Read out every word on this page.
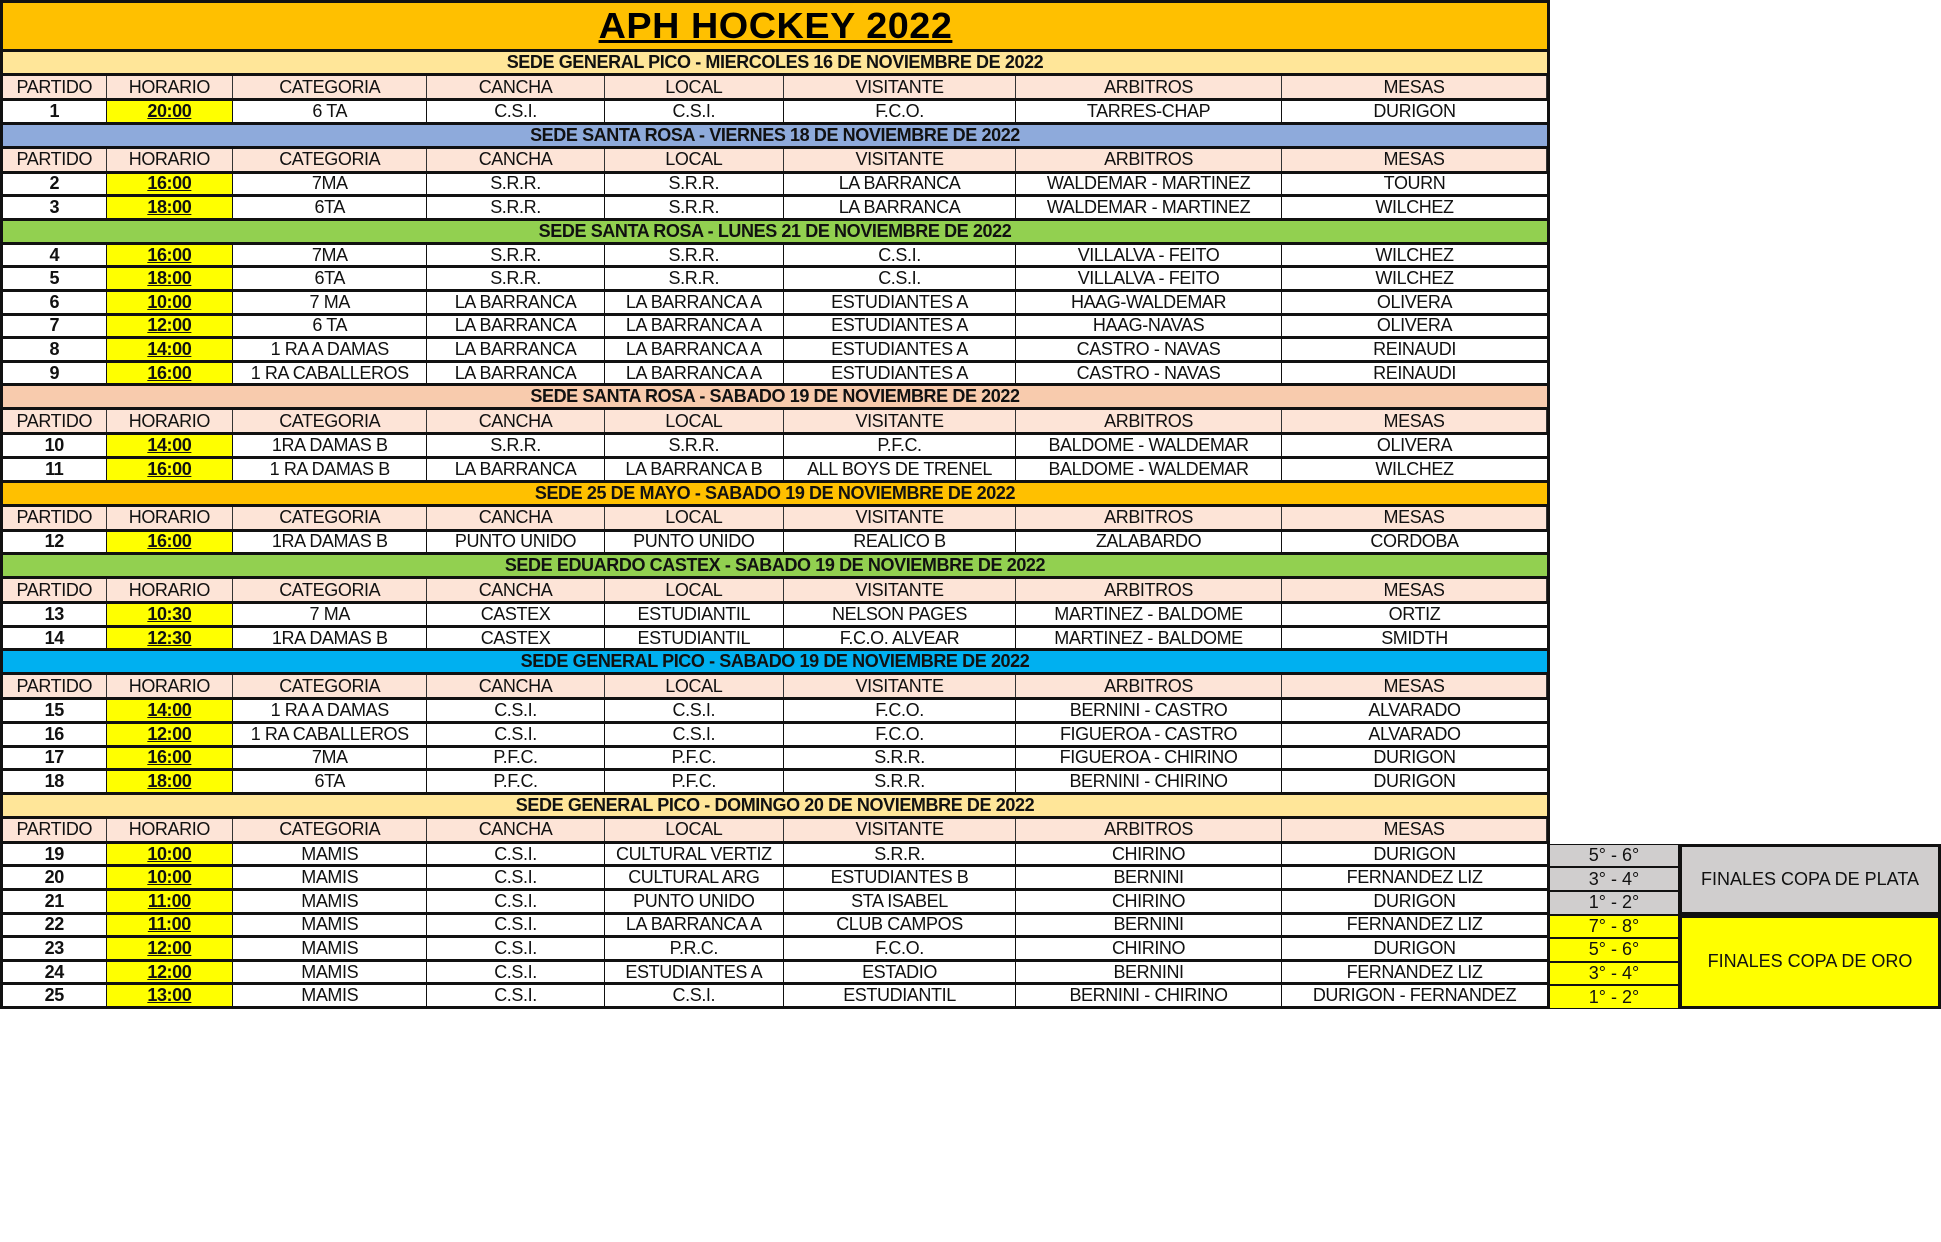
APH HOCKEY 2022
SEDE GENERAL PICO - MIERCOLES 16 DE NOVIEMBRE DE 2022
PARTIDO	HORARIO	CATEGORIA	CANCHA	LOCAL	VISITANTE	ARBITROS	MESAS
1	20:00	6 TA	C.S.I.	C.S.I.	F.C.O.	TARRES-CHAP	DURIGON
SEDE SANTA ROSA - VIERNES 18 DE NOVIEMBRE DE 2022
PARTIDO	HORARIO	CATEGORIA	CANCHA	LOCAL	VISITANTE	ARBITROS	MESAS
2	16:00	7MA	S.R.R.	S.R.R.	LA BARRANCA	WALDEMAR - MARTINEZ	TOURN
3	18:00	6TA	S.R.R.	S.R.R.	LA BARRANCA	WALDEMAR - MARTINEZ	WILCHEZ
SEDE SANTA ROSA - LUNES 21 DE NOVIEMBRE DE 2022
4	16:00	7MA	S.R.R.	S.R.R.	C.S.I.	VILLALVA - FEITO	WILCHEZ
5	18:00	6TA	S.R.R.	S.R.R.	C.S.I.	VILLALVA - FEITO	WILCHEZ
6	10:00	7 MA	LA BARRANCA	LA BARRANCA A	ESTUDIANTES A	HAAG-WALDEMAR	OLIVERA
7	12:00	6 TA	LA BARRANCA	LA BARRANCA A	ESTUDIANTES A	HAAG-NAVAS	OLIVERA
8	14:00	1 RA A DAMAS	LA BARRANCA	LA BARRANCA A	ESTUDIANTES A	CASTRO - NAVAS	REINAUDI
9	16:00	1 RA CABALLEROS	LA BARRANCA	LA BARRANCA A	ESTUDIANTES A	CASTRO - NAVAS	REINAUDI
SEDE SANTA ROSA - SABADO 19 DE NOVIEMBRE DE 2022
PARTIDO	HORARIO	CATEGORIA	CANCHA	LOCAL	VISITANTE	ARBITROS	MESAS
10	14:00	1RA DAMAS B	S.R.R.	S.R.R.	P.F.C.	BALDOME - WALDEMAR	OLIVERA
11	16:00	1 RA DAMAS B	LA BARRANCA	LA BARRANCA B	ALL BOYS DE TRENEL	BALDOME - WALDEMAR	WILCHEZ
SEDE 25 DE MAYO - SABADO 19 DE NOVIEMBRE DE 2022
PARTIDO	HORARIO	CATEGORIA	CANCHA	LOCAL	VISITANTE	ARBITROS	MESAS
12	16:00	1RA DAMAS B	PUNTO UNIDO	PUNTO UNIDO	REALICO B	ZALABARDO	CORDOBA
SEDE EDUARDO CASTEX - SABADO 19 DE NOVIEMBRE DE 2022
PARTIDO	HORARIO	CATEGORIA	CANCHA	LOCAL	VISITANTE	ARBITROS	MESAS
13	10:30	7 MA	CASTEX	ESTUDIANTIL	NELSON PAGES	MARTINEZ - BALDOME	ORTIZ
14	12:30	1RA DAMAS B	CASTEX	ESTUDIANTIL	F.C.O. ALVEAR	MARTINEZ - BALDOME	SMIDTH
SEDE GENERAL PICO - SABADO 19 DE NOVIEMBRE DE 2022
PARTIDO	HORARIO	CATEGORIA	CANCHA	LOCAL	VISITANTE	ARBITROS	MESAS
15	14:00	1 RA A DAMAS	C.S.I.	C.S.I.	F.C.O.	BERNINI - CASTRO	ALVARADO
16	12:00	1 RA CABALLEROS	C.S.I.	C.S.I.	F.C.O.	FIGUEROA - CASTRO	ALVARADO
17	16:00	7MA	P.F.C.	P.F.C.	S.R.R.	FIGUEROA - CHIRINO	DURIGON
18	18:00	6TA	P.F.C.	P.F.C.	S.R.R.	BERNINI - CHIRINO	DURIGON
SEDE GENERAL PICO - DOMINGO 20 DE NOVIEMBRE DE 2022
PARTIDO	HORARIO	CATEGORIA	CANCHA	LOCAL	VISITANTE	ARBITROS	MESAS
19	10:00	MAMIS	C.S.I.	CULTURAL VERTIZ	S.R.R.	CHIRINO	DURIGON
20	10:00	MAMIS	C.S.I.	CULTURAL ARG	ESTUDIANTES B	BERNINI	FERNANDEZ LIZ
21	11:00	MAMIS	C.S.I.	PUNTO UNIDO	STA ISABEL	CHIRINO	DURIGON
22	11:00	MAMIS	C.S.I.	LA BARRANCA A	CLUB CAMPOS	BERNINI	FERNANDEZ LIZ
23	12:00	MAMIS	C.S.I.	P.R.C.	F.C.O.	CHIRINO	DURIGON
24	12:00	MAMIS	C.S.I.	ESTUDIANTES A	ESTADIO	BERNINI	FERNANDEZ LIZ
25	13:00	MAMIS	C.S.I.	C.S.I.	ESTUDIANTIL	BERNINI - CHIRINO	DURIGON - FERNANDEZ
5° - 6°
3° - 4°
1° - 2°
FINALES COPA DE PLATA
7° - 8°
5° - 6°
3° - 4°
1° - 2°
FINALES COPA DE ORO
